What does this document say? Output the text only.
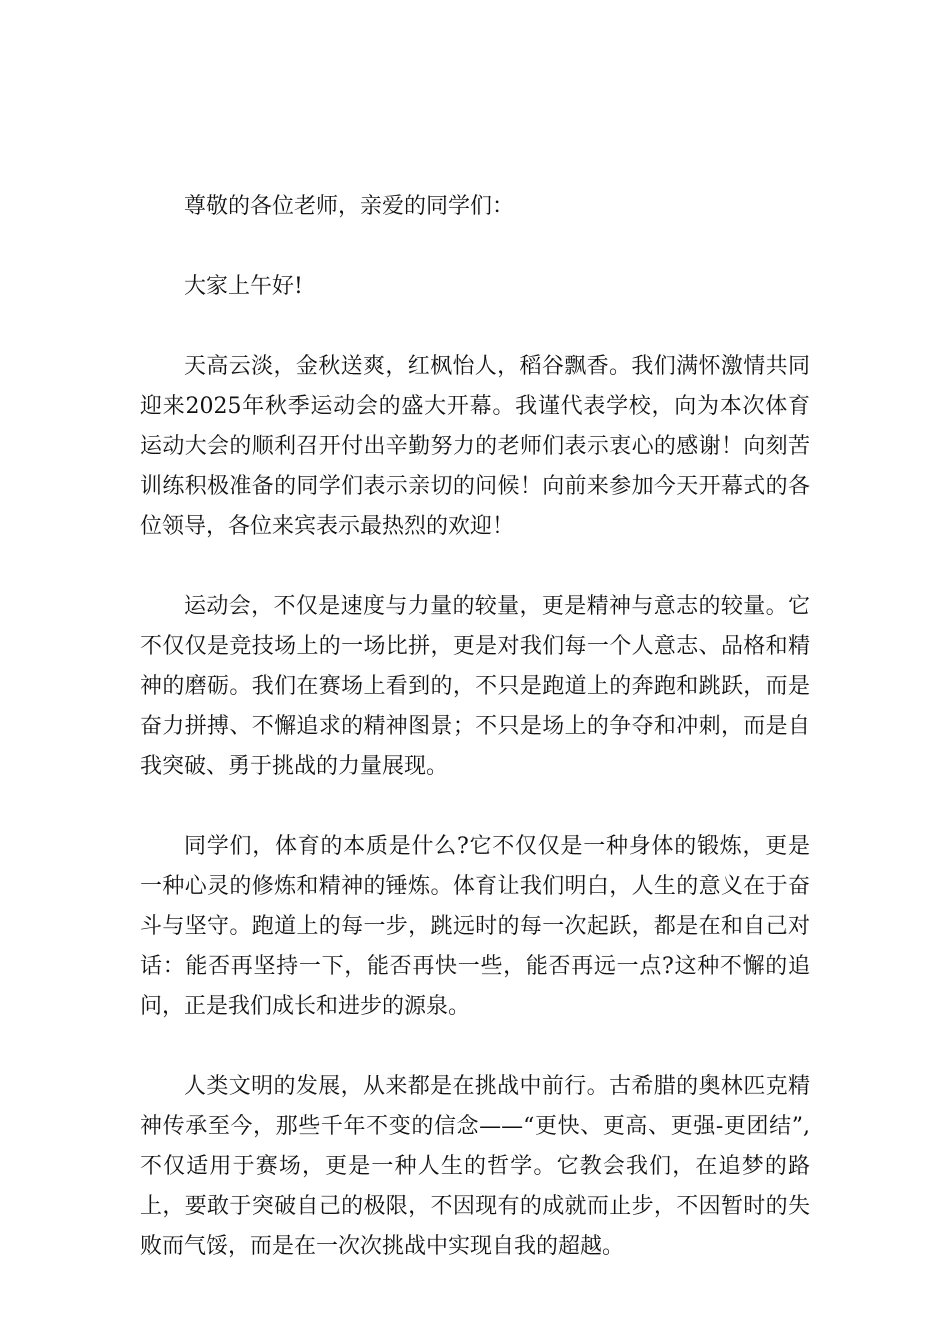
尊敬的各位老师，亲爱的同学们：

大家上午好!

天高云淡，金秋送爽，红枫怡人，稻谷飘香。我们满怀激情共同迎来2025年秋季运动会的盛大开幕。我谨代表学校，向为本次体育运动大会的顺利召开付出辛勤努力的老师们表示衷心的感谢！向刻苦训练积极准备的同学们表示亲切的问候！向前来参加今天开幕式的各位领导，各位来宾表示最热烈的欢迎！

运动会，不仅是速度与力量的较量，更是精神与意志的较量。它不仅仅是竞技场上的一场比拼，更是对我们每一个人意志、品格和精神的磨砺。我们在赛场上看到的，不只是跑道上的奔跑和跳跃，而是奋力拼搏、不懈追求的精神图景；不只是场上的争夺和冲刺，而是自我突破、勇于挑战的力量展现。

同学们，体育的本质是什么?它不仅仅是一种身体的锻炼，更是一种心灵的修炼和精神的锤炼。体育让我们明白，人生的意义在于奋斗与坚守。跑道上的每一步，跳远时的每一次起跃，都是在和自己对话：能否再坚持一下，能否再快一些，能否再远一点?这种不懈的追问，正是我们成长和进步的源泉。

人类文明的发展，从来都是在挑战中前行。古希腊的奥林匹克精神传承至今，那些千年不变的信念——“更快、更高、更强-更团结”,不仅适用于赛场，更是一种人生的哲学。它教会我们，在追梦的路上，要敢于突破自己的极限，不因现有的成就而止步，不因暂时的失败而气馁，而是在一次次挑战中实现自我的超越。
